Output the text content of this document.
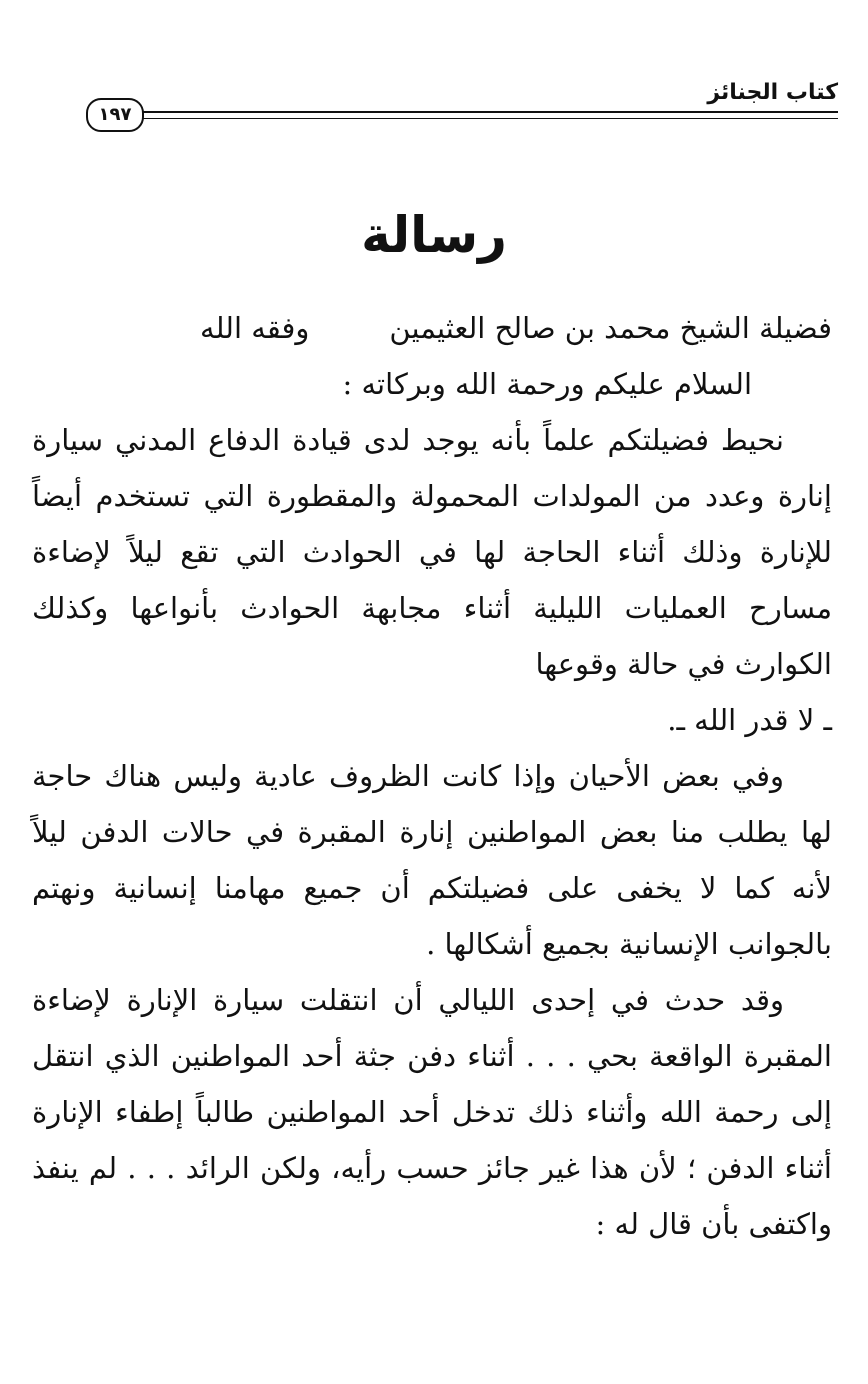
كتاب الجنائز
١٩٧
رسالة
فضيلة الشيخ محمد بن صالح العثيمين
وفقه الله
السلام عليكم ورحمة الله وبركاته :

نحيط فضيلتكم علماً بأنه يوجد لدى قيادة الدفاع المدني سيارة إنارة وعدد من المولدات المحمولة والمقطورة التي تستخدم أيضاً للإنارة وذلك أثناء الحاجة لها في الحوادث التي تقع ليلاً لإضاءة مسارح العمليات الليلية أثناء مجابهة الحوادث بأنواعها وكذلك الكوارث في حالة وقوعها
ـ لا قدر الله ـ.

وفي بعض الأحيان وإذا كانت الظروف عادية وليس هناك حاجة لها يطلب منا بعض المواطنين إنارة المقبرة في حالات الدفن ليلاً لأنه كما لا يخفى على فضيلتكم أن جميع مهامنا إنسانية ونهتم بالجوانب الإنسانية بجميع أشكالها .

وقد حدث في إحدى الليالي أن انتقلت سيارة الإنارة لإضاءة المقبرة الواقعة بحي . . . أثناء دفن جثة أحد المواطنين الذي انتقل إلى رحمة الله وأثناء ذلك تدخل أحد المواطنين طالباً إطفاء الإنارة أثناء الدفن ؛ لأن هذا غير جائز حسب رأيه، ولكن الرائد . . . لم ينفذ واكتفى بأن قال له :
